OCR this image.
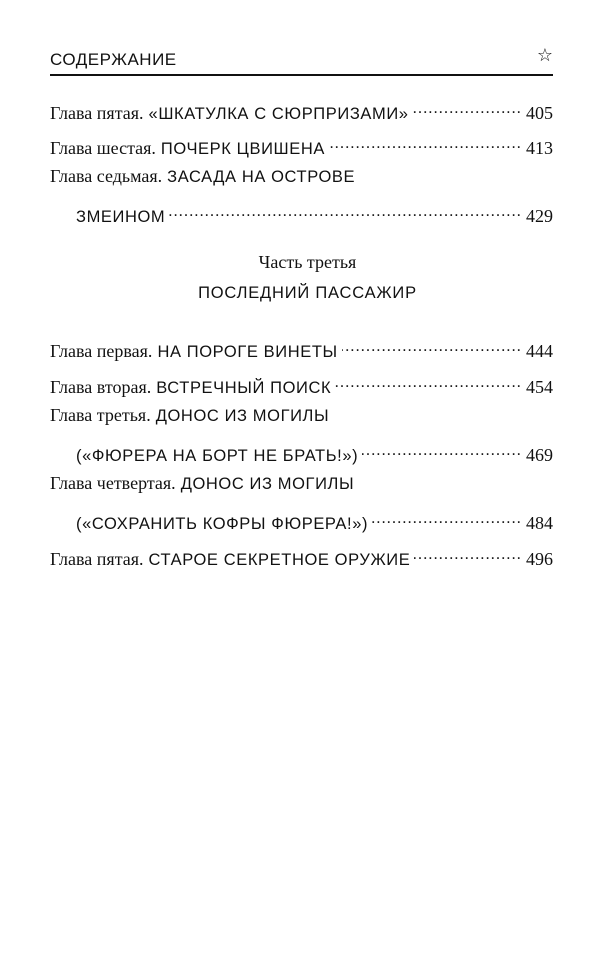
СОДЕРЖАНИЕ	☆
Глава пятая. «ШКАТУЛКА С СЮРПРИЗАМИ» .....	405
Глава шестая. ПОЧЕРК ЦВИШЕНА .....	413
Глава седьмая. ЗАСАДА НА ОСТРОВЕ
ЗМЕИНОМ .....	429
Часть третья
ПОСЛЕДНИЙ ПАССАЖИР
Глава первая. НА ПОРОГЕ ВИНЕТЫ .....	444
Глава вторая. ВСТРЕЧНЫЙ ПОИСК .....	454
Глава третья. ДОНОС ИЗ МОГИЛЫ
(«ФЮРЕРА НА БОРТ НЕ БРАТЬ!») .....	469
Глава четвертая. ДОНОС ИЗ МОГИЛЫ
(«СОХРАНИТЬ КОФРЫ ФЮРЕРА!») .....	484
Глава пятая. СТАРОЕ СЕКРЕТНОЕ ОРУЖИЕ .....	496
